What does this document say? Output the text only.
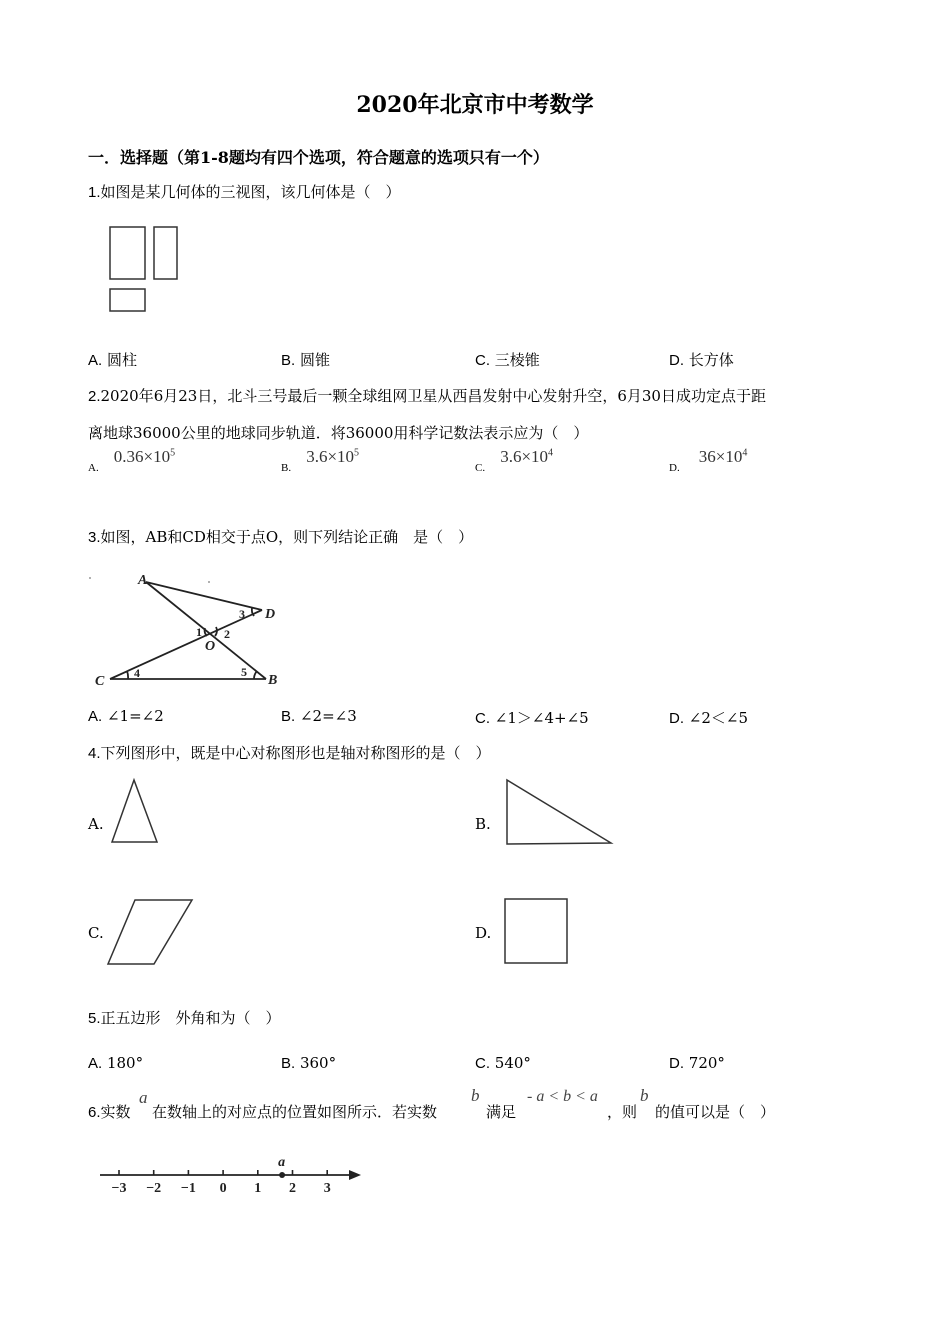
2020年北京市中考数学
一．选择题（第1-8题均有四个选项，符合题意的选项只有一个）
1.如图是某几何体的三视图，该几何体是（　）
A. 圆柱	B. 圆锥	C. 三棱锥	D. 长方体
2.2020年6月23日，北斗三号最后一颗全球组网卫星从西昌发射中心发射升空，6月30日成功定点于距
离地球36000公里的地球同步轨道．将36000用科学记数法表示应为（　）
A. $0.36\times 10^5$
B. $3.6\times 10^5$
C. $3.6\times 10^4$
D. $36\times 10^4$
3.如图，AB和CD相交于点O，则下列结论正确　是（　）
A
D
O
C	B
1 2
3
4	5
A. ∠1=∠2	B. ∠2=∠3	C. ∠1＞∠4+∠5	D. ∠2＜∠5
4.下列图形中，既是中心对称图形也是轴对称图形的是（　）
A.	B.
C.	D.
5.正五边形　外角和为（　）
A. 180°	B. 360°	C. 540°	D. 720°
6.实数
a
在数轴上的对应点的位置如图所示．若实数
b
满足
- a < b < a
，则
b
的值可以是（　）
−3 −2 −1 0 1 2 3
a
